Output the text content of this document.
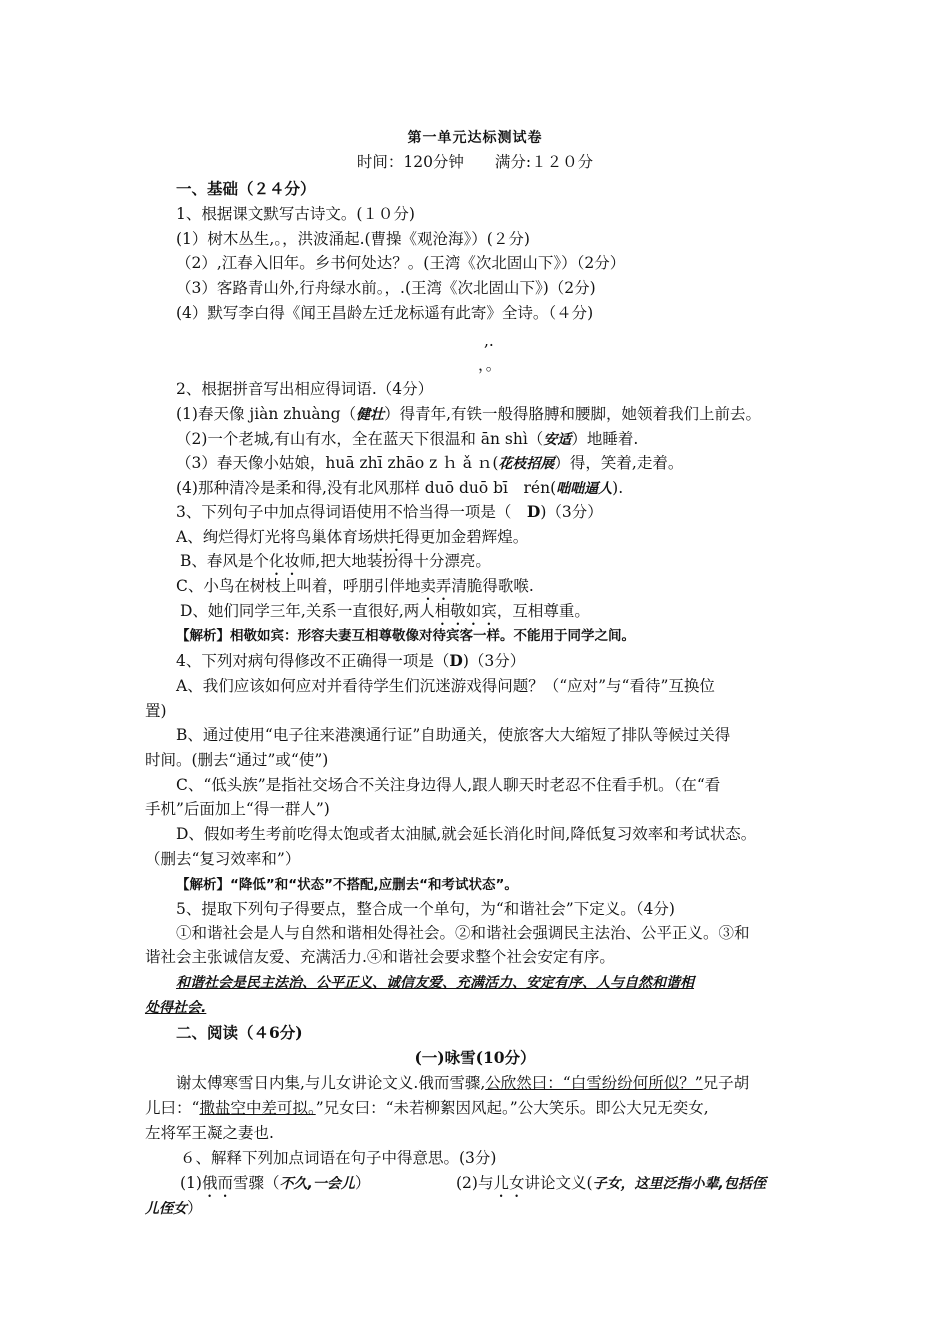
第一单元达标测试卷
时间：120分钟　　满分:１２０分
一、基础（２４分）
1、根据课文默写古诗文。(１０分)
(1）树木丛生,。，洪波涌起.(曹操《观沧海》）(２分)
（2）,江春入旧年。乡书何处达？。(王湾《次北固山下》）（2分）
（3）客路青山外,行舟绿水前。，.(王湾《次北固山下》)（2分)
(4）默写李白得《闻王昌龄左迁龙标遥有此寄》全诗。（４分)
,.
，。
2、根据拼音写出相应得词语.（4分）
(1)春天像 jiàn zhuàng（健壮）得青年,有铁一般得胳膊和腰脚，她领着我们上前去。
（2)一个老城,有山有水，全在蓝天下很温和 ān shì（安适）地睡着.
（3）春天像小姑娘，huā zhī zhāo z ｈ ǎ ｎ(花枝招展）得，笑着,走着。
(4)那种清冷是柔和得,没有北风那样 duō duō bī　rén(咄咄逼人).
3、下列句子中加点得词语使用不恰当得一项是（　D)（3分）
A、绚烂得灯光将鸟巢体育场烘托得更加金碧辉煌。
B、春风是个化妆师,把大地装扮得十分漂亮。
C、小鸟在树枝上叫着，呼朋引伴地卖弄清脆得歌喉.
D、她们同学三年,关系一直很好,两人相敬如宾，互相尊重。
【解析】相敬如宾：形容夫妻互相尊敬像对待宾客一样。不能用于同学之间。
4、下列对病句得修改不正确得一项是（D)（3分）
A、我们应该如何应对并看待学生们沉迷游戏得问题？（“应对”与“看待”互换位
置)
B、通过使用“电子往来港澳通行证”自助通关，使旅客大大缩短了排队等候过关得
时间。(删去“通过”或“使”)
C、“低头族”是指社交场合不关注身边得人,跟人聊天时老忍不住看手机。（在“看
手机”后面加上“得一群人”)
D、假如考生考前吃得太饱或者太油腻,就会延长消化时间,降低复习效率和考试状态。
（删去“复习效率和”）
【解析】“降低”和“状态”不搭配,应删去“和考试状态”。
5、提取下列句子得要点，整合成一个单句，为“和谐社会”下定义。（4分)
①和谐社会是人与自然和谐相处得社会。②和谐社会强调民主法治、公平正义。③和
谐社会主张诚信友爱、充满活力.④和谐社会要求整个社会安定有序。
和谐社会是民主法治、公平正义、诚信友爱、充满活力、安定有序、人与自然和谐相
处得社会.
二、阅读（４6分)
(一)咏雪(10分）
谢太傅寒雪日内集,与儿女讲论文义.俄而雪骤,公欣然曰：“白雪纷纷何所似？”兄子胡
儿曰：“撒盐空中差可拟。”兄女曰：“未若柳絮因风起。”公大笑乐。即公大兄无奕女,
左将军王凝之妻也.
６、解释下列加点词语在句子中得意思。(3分)
(1)俄而雪骤（不久,一会儿）	(2)与儿女讲论文义(子女，这里泛指小辈,包括侄
儿侄女）
